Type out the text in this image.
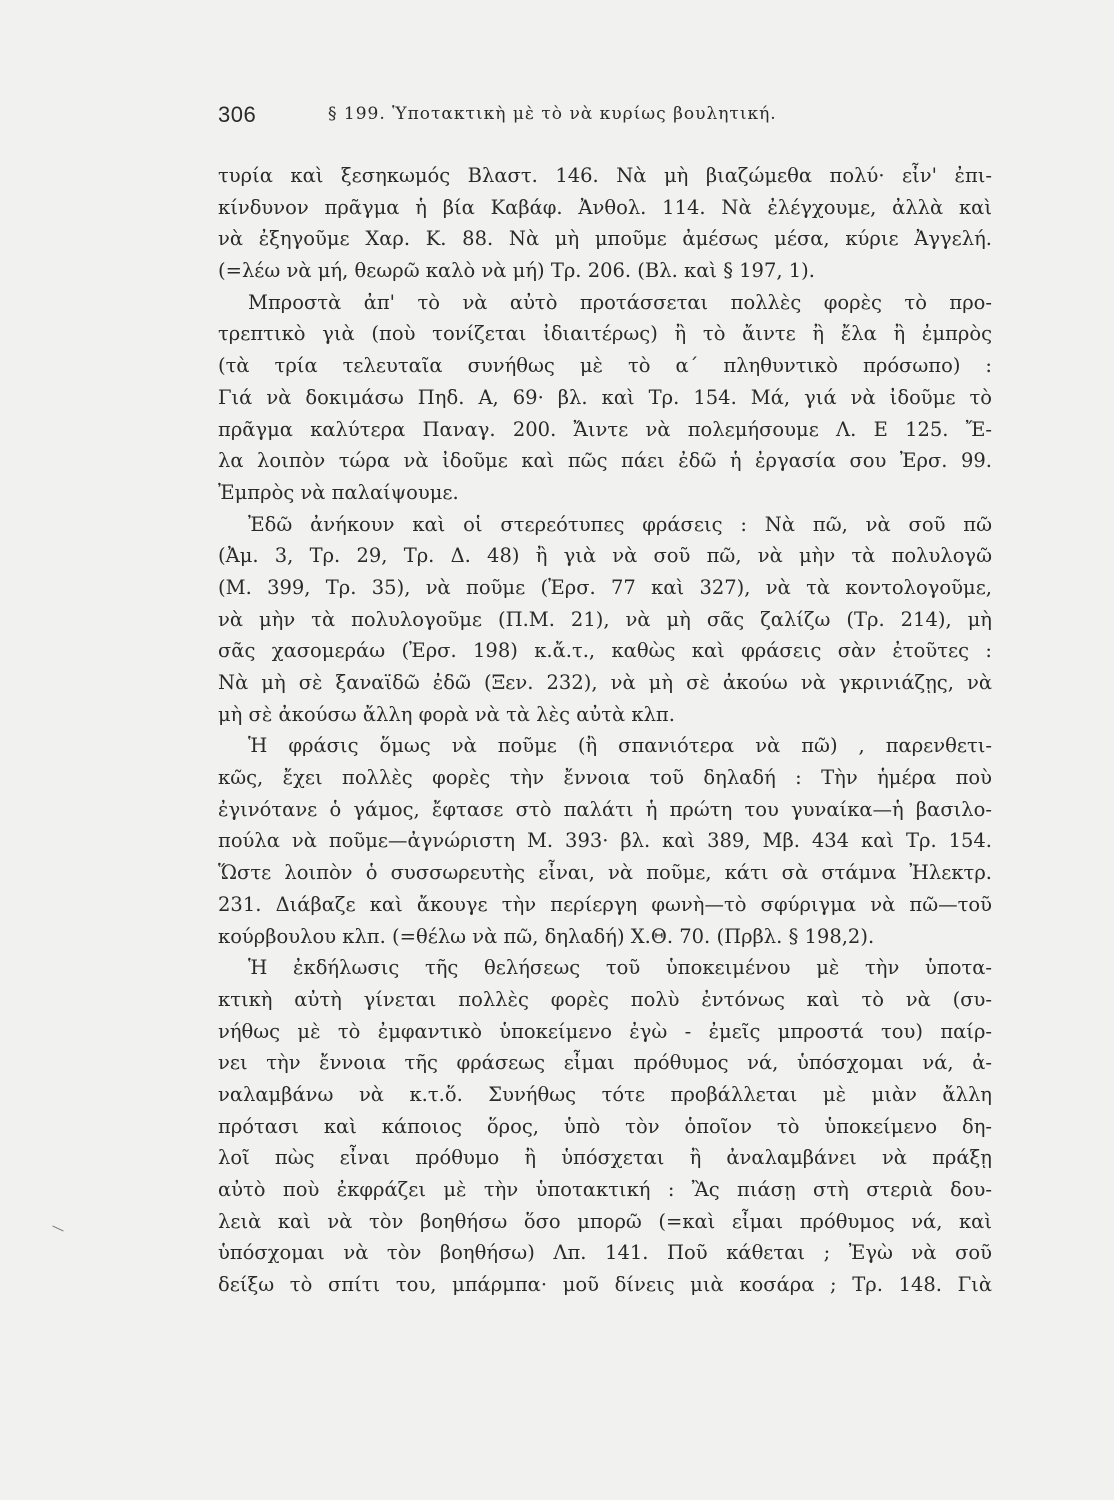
306	§ 199. Ὑποτακτικὴ μὲ τὸ νὰ κυρίως βουλητική.
τυρία καὶ ξεσηκωμός Βλαστ. 146. Νὰ μὴ βιαζώμεθα πολύ· εἶν' ἐπι-
κίνδυνον πρᾶγμα ἡ βία Καβάφ. Ἀνθολ. 114. Νὰ ἐλέγχουμε, ἀλλὰ καὶ
νὰ ἐξηγοῦμε Χαρ. Κ. 88. Νὰ μὴ μποῦμε ἀμέσως μέσα, κύριε Ἀγγελή.
(=λέω νὰ μή, θεωρῶ καλὸ νὰ μή) Τρ. 206. (Βλ. καὶ § 197, 1).
Μπροστὰ ἀπ' τὸ νὰ αὐτὸ προτάσσεται πολλὲς φορὲς τὸ προ-
τρεπτικὸ γιὰ (ποὺ τονίζεται ἰδιαιτέρως) ἢ τὸ ἄιντε ἢ ἔλα ἢ ἐμπρὸς
(τὰ τρία τελευταῖα συνήθως μὲ τὸ α΄ πληθυντικὸ πρόσωπο) :
Γιά νὰ δοκιμάσω Πηδ. Α, 69· βλ. καὶ Τρ. 154. Μά, γιά νὰ ἰδοῦμε τὸ
πρᾶγμα καλύτερα Παναγ. 200. Ἄιντε νὰ πολεμήσουμε Λ. Ε 125. Ἔ-
λα λοιπὸν τώρα νὰ ἰδοῦμε καὶ πῶς πάει ἐδῶ ἡ ἐργασία σου Ἐρσ. 99.
Ἐμπρὸς νὰ παλαίψουμε.
Ἐδῶ ἀνήκουν καὶ οἱ στερεότυπες φράσεις : Νὰ πῶ, νὰ σοῦ πῶ
(Ἀμ. 3, Τρ. 29, Τρ. Δ. 48) ἢ γιὰ νὰ σοῦ πῶ, νὰ μὴν τὰ πολυλογῶ
(Μ. 399, Τρ. 35), νὰ ποῦμε (Ἐρσ. 77 καὶ 327), νὰ τὰ κοντολογοῦμε,
νὰ μὴν τὰ πολυλογοῦμε (Π.Μ. 21), νὰ μὴ σᾶς ζαλίζω (Τρ. 214), μὴ
σᾶς χασομεράω (Ἐρσ. 198) κ.ἄ.τ., καθὼς καὶ φράσεις σὰν ἐτοῦτες :
Νὰ μὴ σὲ ξαναϊδῶ ἐδῶ (Ξεν. 232), νὰ μὴ σὲ ἀκούω νὰ γκρινιάζῃς, νὰ
μὴ σὲ ἀκούσω ἄλλη φορὰ νὰ τὰ λὲς αὐτὰ κλπ.
Ἡ φράσις ὅμως νὰ ποῦμε (ἢ σπανιότερα νὰ πῶ) , παρενθετι-
κῶς, ἔχει πολλὲς φορὲς τὴν ἔννοια τοῦ δηλαδή : Τὴν ἡμέρα ποὺ
ἐγινότανε ὁ γάμος, ἔφτασε στὸ παλάτι ἡ πρώτη του γυναίκα—ἡ βασιλο-
πούλα νὰ ποῦμε—ἀγνώριστη Μ. 393· βλ. καὶ 389, Μβ. 434 καὶ Τρ. 154.
Ὥστε λοιπὸν ὁ συσσωρευτὴς εἶναι, νὰ ποῦμε, κάτι σὰ στάμνα Ἠλεκτρ.
231. Διάβαζε καὶ ἄκουγε τὴν περίεργη φωνὴ—τὸ σφύριγμα νὰ πῶ—τοῦ
κούρβουλου κλπ. (=θέλω νὰ πῶ, δηλαδή) Χ.Θ. 70. (Πρβλ. § 198,2).
Ἡ ἐκδήλωσις τῆς θελήσεως τοῦ ὑποκειμένου μὲ τὴν ὑποτα-
κτικὴ αὐτὴ γίνεται πολλὲς φορὲς πολὺ ἐντόνως καὶ τὸ νὰ (συ-
νήθως μὲ τὸ ἐμφαντικὸ ὑποκείμενο ἐγὼ - ἐμεῖς μπροστά του) παίρ-
νει τὴν ἔννοια τῆς φράσεως εἶμαι πρόθυμος νά, ὑπόσχομαι νά, ἀ-
ναλαμβάνω νὰ κ.τ.ὅ. Συνήθως τότε προβάλλεται μὲ μιὰν ἄλλη
πρότασι καὶ κάποιος ὅρος, ὑπὸ τὸν ὁποῖον τὸ ὑποκείμενο δη-
λοῖ πὼς εἶναι πρόθυμο ἢ ὑπόσχεται ἢ ἀναλαμβάνει νὰ πράξῃ
αὐτὸ ποὺ ἐκφράζει μὲ τὴν ὑποτακτική : Ἂς πιάσῃ στὴ στεριὰ δου-
λειὰ καὶ νὰ τὸν βοηθήσω ὅσο μπορῶ (=καὶ εἶμαι πρόθυμος νά, καὶ
ὑπόσχομαι νὰ τὸν βοηθήσω) Λπ. 141. Ποῦ κάθεται ; Ἐγὼ νὰ σοῦ
δείξω τὸ σπίτι του, μπάρμπα· μοῦ δίνεις μιὰ κοσάρα ; Τρ. 148. Γιὰ
